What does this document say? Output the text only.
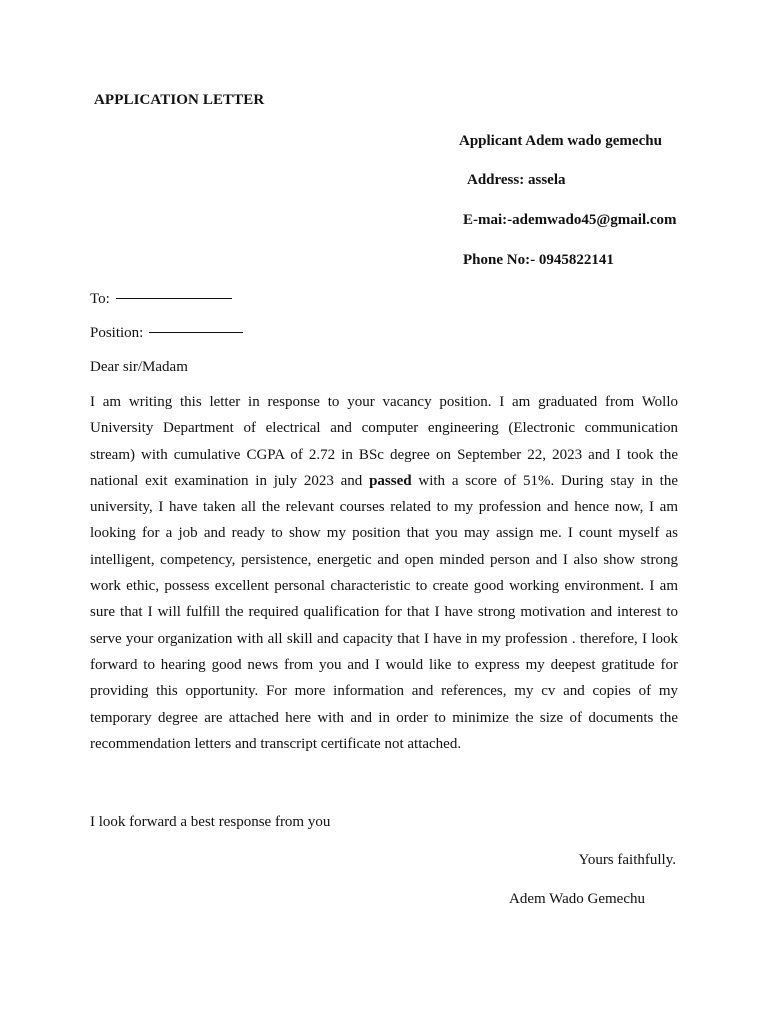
APPLICATION LETTER
Applicant Adem wado gemechu
Address: assela
E-mai:-ademwado45@gmail.com
Phone No:- 0945822141
To:
Position:
Dear sir/Madam
I am writing this letter in response to your vacancy position. I am graduated from Wollo University Department of electrical and computer engineering (Electronic communication stream) with cumulative CGPA of 2.72 in BSc degree on September 22, 2023 and I took the national exit examination in july 2023 and passed with a score of 51%. During stay in the university, I have taken all the relevant courses related to my profession and hence now, I am looking for a job and ready to show my position that you may assign me. I count myself as intelligent, competency, persistence, energetic and open minded person and I also show strong work ethic, possess excellent personal characteristic to create good working environment. I am sure that I will fulfill the required qualification for that I have strong motivation and interest to serve your organization with all skill and capacity that I have in my profession . therefore, I look forward to hearing good news from you and I would like to express my deepest gratitude for providing this opportunity. For more information and references, my cv and copies of my temporary degree are attached here with and in order to minimize the size of documents the recommendation letters and transcript certificate not attached.
I look forward a best response from you
Yours faithfully.
Adem Wado Gemechu
